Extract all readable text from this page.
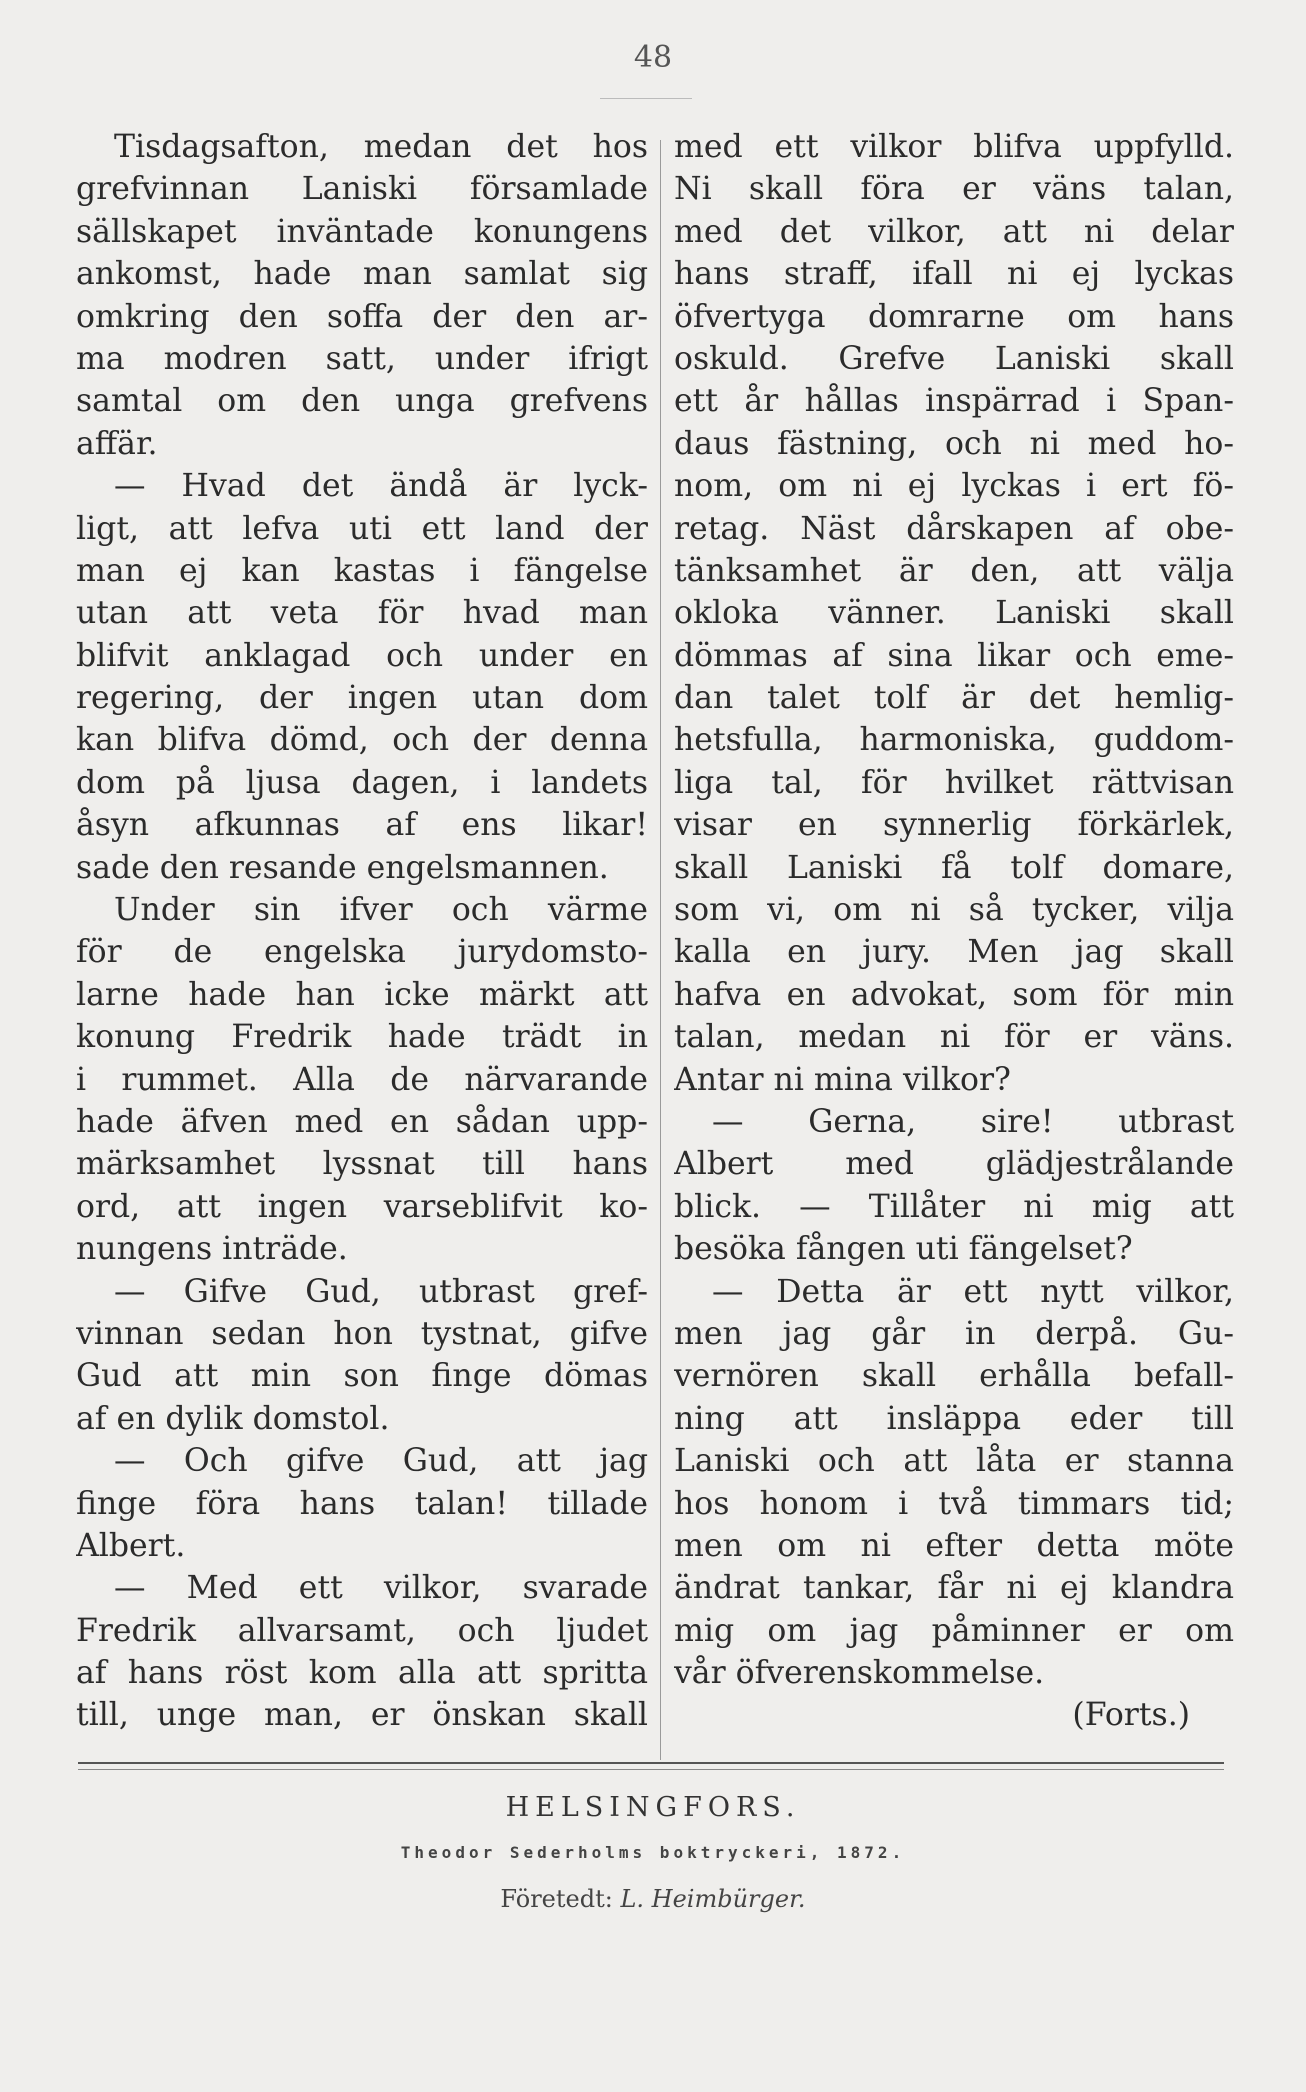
48
Tisdagsafton, medan det hos
grefvinnan Laniski församlade
sällskapet inväntade konungens
ankomst, hade man samlat sig
omkring den soffa der den ar-
ma modren satt, under ifrigt
samtal om den unga grefvens
affär.
— Hvad det ändå är lyck-
ligt, att lefva uti ett land der
man ej kan kastas i fängelse
utan att veta för hvad man
blifvit anklagad och under en
regering, der ingen utan dom
kan blifva dömd, och der denna
dom på ljusa dagen, i landets
åsyn afkunnas af ens likar!
sade den resande engelsmannen.
Under sin ifver och värme
för de engelska jurydomsto-
larne hade han icke märkt att
konung Fredrik hade trädt in
i rummet. Alla de närvarande
hade äfven med en sådan upp-
märksamhet lyssnat till hans
ord, att ingen varseblifvit ko-
nungens inträde.
— Gifve Gud, utbrast gref-
vinnan sedan hon tystnat, gifve
Gud att min son finge dömas
af en dylik domstol.
— Och gifve Gud, att jag
finge föra hans talan! tillade
Albert.
— Med ett vilkor, svarade
Fredrik allvarsamt, och ljudet
af hans röst kom alla att spritta
till, unge man, er önskan skall
med ett vilkor blifva uppfylld.
Ni skall föra er väns talan,
med det vilkor, att ni delar
hans straff, ifall ni ej lyckas
öfvertyga domrarne om hans
oskuld. Grefve Laniski skall
ett år hållas inspärrad i Span-
daus fästning, och ni med ho-
nom, om ni ej lyckas i ert fö-
retag. Näst dårskapen af obe-
tänksamhet är den, att välja
okloka vänner. Laniski skall
dömmas af sina likar och eme-
dan talet tolf är det hemlig-
hetsfulla, harmoniska, guddom-
liga tal, för hvilket rättvisan
visar en synnerlig förkärlek,
skall Laniski få tolf domare,
som vi, om ni så tycker, vilja
kalla en jury. Men jag skall
hafva en advokat, som för min
talan, medan ni för er väns.
Antar ni mina vilkor?
— Gerna, sire! utbrast
Albert med glädjestrålande
blick. — Tillåter ni mig att
besöka fången uti fängelset?
— Detta är ett nytt vilkor,
men jag går in derpå. Gu-
vernören skall erhålla befall-
ning att insläppa eder till
Laniski och att låta er stanna
hos honom i två timmars tid;
men om ni efter detta möte
ändrat tankar, får ni ej klandra
mig om jag påminner er om
vår öfverenskommelse.
(Forts.)
HELSINGFORS.
Theodor Sederholms boktryckeri, 1872.
Företedt: L. Heimbürger.
